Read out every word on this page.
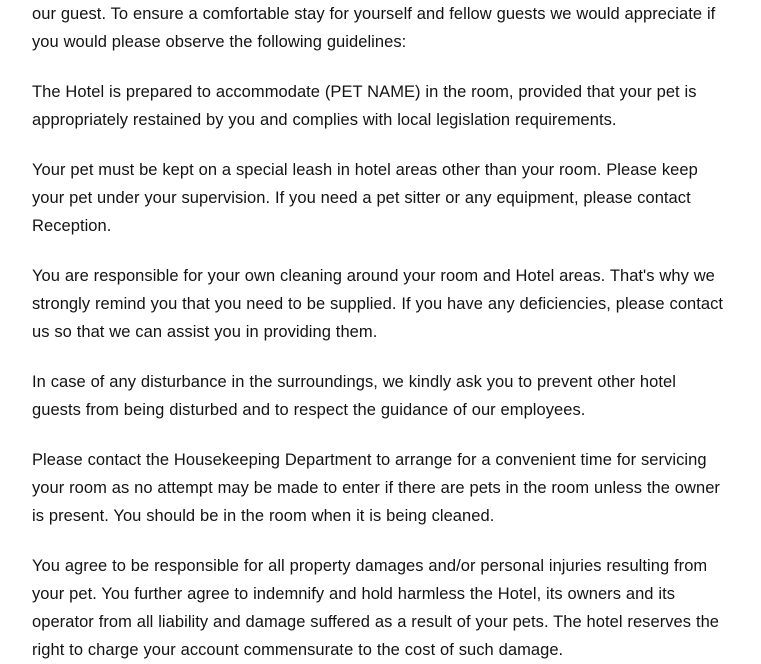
our guest. To ensure a comfortable stay for yourself and fellow guests we would appreciate if you would please observe the following guidelines:

The Hotel is prepared to accommodate (PET NAME) in the room, provided that your pet is appropriately restained by you and complies with local legislation requirements.

Your pet must be kept on a special leash in hotel areas other than your room. Please keep your pet under your supervision. If you need a pet sitter or any equipment, please contact Reception.

You are responsible for your own cleaning around your room and Hotel areas. That's why we strongly remind you that you need to be supplied. If you have any deficiencies, please contact us so that we can assist you in providing them.

In case of any disturbance in the surroundings, we kindly ask you to prevent other hotel guests from being disturbed and to respect the guidance of our employees.

Please contact the Housekeeping Department to arrange for a convenient time for servicing your room as no attempt may be made to enter if there are pets in the room unless the owner is present. You should be in the room when it is being cleaned.

You agree to be responsible for all property damages and/or personal injuries resulting from your pet. You further agree to indemnify and hold harmless the Hotel, its owners and its operator from all liability and damage suffered as a result of your pets. The hotel reserves the right to charge your account commensurate to the cost of such damage.
